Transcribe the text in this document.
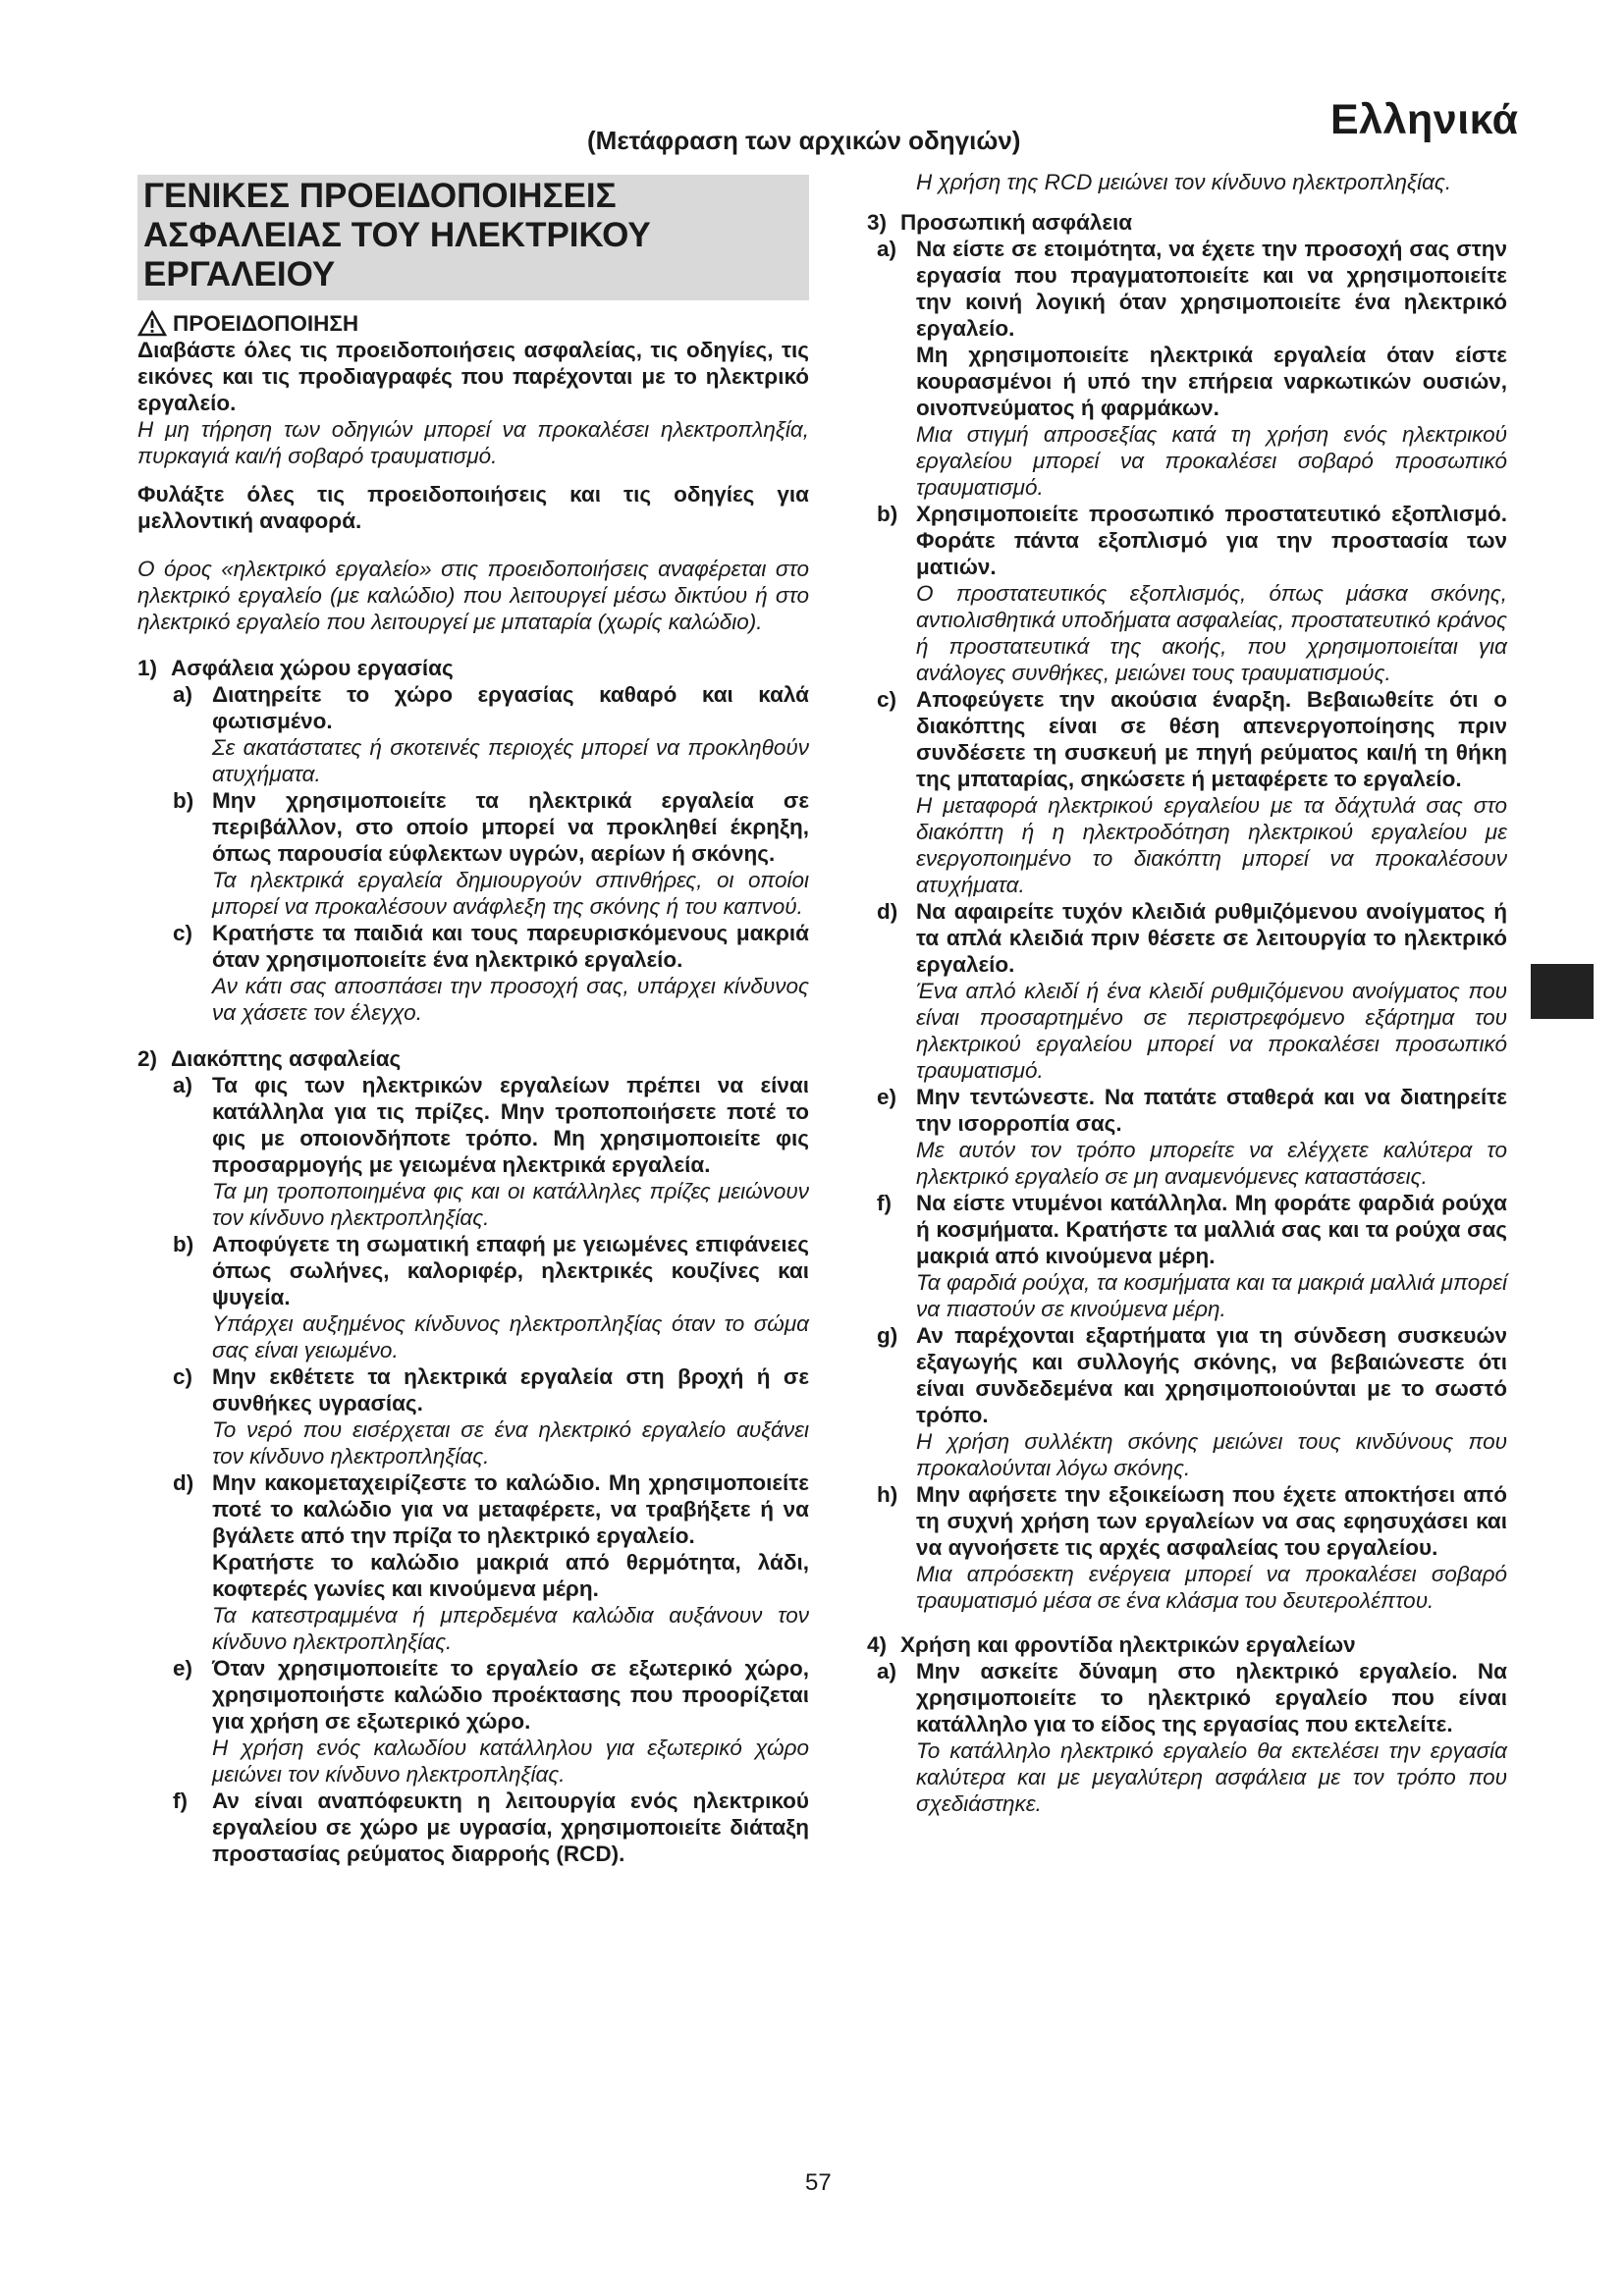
(Μετάφραση των αρχικών οδηγιών)	Ελληνικά
57
ΓΕΝΙΚΕΣ ΠΡΟΕΙΔΟΠΟΙΗΣΕΙΣ
ΑΣΦΑΛΕΙΑΣ ΤΟΥ ΗΛΕΚΤΡΙΚΟΥ
ΕΡΓΑΛΕΙΟΥ
ΠΡΟΕΙΔΟΠΟΙΗΣΗ
Διαβάστε όλες τις προειδοποιήσεις ασφαλείας, τις οδηγίες, τις εικόνες και τις προδιαγραφές που παρέχονται με το ηλεκτρικό εργαλείο.
Η μη τήρηση των οδηγιών μπορεί να προκαλέσει ηλεκτροπληξία, πυρκαγιά και/ή σοβαρό τραυματισμό.
Φυλάξτε όλες τις προειδοποιήσεις και τις οδηγίες για μελλοντική αναφορά.
Ο όρος «ηλεκτρικό εργαλείο» στις προειδοποιήσεις αναφέρεται στο ηλεκτρικό εργαλείο (με καλώδιο) που λειτουργεί μέσω δικτύου ή στο ηλεκτρικό εργαλείο που λειτουργεί με μπαταρία (χωρίς καλώδιο).
1) Ασφάλεια χώρου εργασίας
a) Διατηρείτε το χώρο εργασίας καθαρό και καλά φωτισμένο.
Σε ακατάστατες ή σκοτεινές περιοχές μπορεί να προκληθούν ατυχήματα.
b) Μην χρησιμοποιείτε τα ηλεκτρικά εργαλεία σε περιβάλλον, στο οποίο μπορεί να προκληθεί έκρηξη, όπως παρουσία εύφλεκτων υγρών, αερίων ή σκόνης.
Τα ηλεκτρικά εργαλεία δημιουργούν σπινθήρες, οι οποίοι μπορεί να προκαλέσουν ανάφλεξη της σκόνης ή του καπνού.
c) Κρατήστε τα παιδιά και τους παρευρισκόμενους μακριά όταν χρησιμοποιείτε ένα ηλεκτρικό εργαλείο.
Αν κάτι σας αποσπάσει την προσοχή σας, υπάρχει κίνδυνος να χάσετε τον έλεγχο.
2) Διακόπτης ασφαλείας
a) Τα φις των ηλεκτρικών εργαλείων πρέπει να είναι κατάλληλα για τις πρίζες. Μην τροποποιήσετε ποτέ το φις με οποιονδήποτε τρόπο. Μη χρησιμοποιείτε φις προσαρμογής με γειωμένα ηλεκτρικά εργαλεία.
Τα μη τροποποιημένα φις και οι κατάλληλες πρίζες μειώνουν τον κίνδυνο ηλεκτροπληξίας.
b) Αποφύγετε τη σωματική επαφή με γειωμένες επιφάνειες όπως σωλήνες, καλοριφέρ, ηλεκτρικές κουζίνες και ψυγεία.
Υπάρχει αυξημένος κίνδυνος ηλεκτροπληξίας όταν το σώμα σας είναι γειωμένο.
c) Μην εκθέτετε τα ηλεκτρικά εργαλεία στη βροχή ή σε συνθήκες υγρασίας.
Το νερό που εισέρχεται σε ένα ηλεκτρικό εργαλείο αυξάνει τον κίνδυνο ηλεκτροπληξίας.
d) Μην κακομεταχειρίζεστε το καλώδιο. Μη χρησιμοποιείτε ποτέ το καλώδιο για να μεταφέρετε, να τραβήξετε ή να βγάλετε από την πρίζα το ηλεκτρικό εργαλείο.
Κρατήστε το καλώδιο μακριά από θερμότητα, λάδι, κοφτερές γωνίες και κινούμενα μέρη.
Τα κατεστραμμένα ή μπερδεμένα καλώδια αυξάνουν τον κίνδυνο ηλεκτροπληξίας.
e) Όταν χρησιμοποιείτε το εργαλείο σε εξωτερικό χώρο, χρησιμοποιήστε καλώδιο προέκτασης που προορίζεται για χρήση σε εξωτερικό χώρο.
Η χρήση ενός καλωδίου κατάλληλου για εξωτερικό χώρο μειώνει τον κίνδυνο ηλεκτροπληξίας.
f)	Αν είναι αναπόφευκτη η λειτουργία ενός ηλεκτρικού εργαλείου σε χώρο με υγρασία, χρησιμοποιείτε διάταξη προστασίας ρεύματος διαρροής (RCD).
Η χρήση της RCD μειώνει τον κίνδυνο ηλεκτροπληξίας.
3) Προσωπική ασφάλεια
a) Να είστε σε ετοιμότητα, να έχετε την προσοχή σας στην εργασία που πραγματοποιείτε και να χρησιμοποιείτε την κοινή λογική όταν χρησιμοποιείτε ένα ηλεκτρικό εργαλείο.
Μη χρησιμοποιείτε ηλεκτρικά εργαλεία όταν είστε κουρασμένοι ή υπό την επήρεια ναρκωτικών ουσιών, οινοπνεύματος ή φαρμάκων.
Μια στιγμή απροσεξίας κατά τη χρήση ενός ηλεκτρικού εργαλείου μπορεί να προκαλέσει σοβαρό προσωπικό τραυματισμό.
b) Χρησιμοποιείτε προσωπικό προστατευτικό εξοπλισμό. Φοράτε πάντα εξοπλισμό για την προστασία των ματιών.
Ο προστατευτικός εξοπλισμός, όπως μάσκα σκόνης, αντιολισθητικά υποδήματα ασφαλείας, προστατευτικό κράνος ή προστατευτικά της ακοής, που χρησιμοποιείται για ανάλογες συνθήκες, μειώνει τους τραυματισμούς.
c) Αποφεύγετε την ακούσια έναρξη. Βεβαιωθείτε ότι ο διακόπτης είναι σε θέση απενεργοποίησης πριν συνδέσετε τη συσκευή με πηγή ρεύματος και/ή τη θήκη της μπαταρίας, σηκώσετε ή μεταφέρετε το εργαλείο.
Η μεταφορά ηλεκτρικού εργαλείου με τα δάχτυλά σας στο διακόπτη ή η ηλεκτροδότηση ηλεκτρικού εργαλείου με ενεργοποιημένο το διακόπτη μπορεί να προκαλέσουν ατυχήματα.
d) Να αφαιρείτε τυχόν κλειδιά ρυθμιζόμενου ανοίγματος ή τα απλά κλειδιά πριν θέσετε σε λειτουργία το ηλεκτρικό εργαλείο.
Ένα απλό κλειδί ή ένα κλειδί ρυθμιζόμενου ανοίγματος που είναι προσαρτημένο σε περιστρεφόμενο εξάρτημα του ηλεκτρικού εργαλείου μπορεί να προκαλέσει προσωπικό τραυματισμό.
e) Μην τεντώνεστε. Να πατάτε σταθερά και να διατηρείτε την ισορροπία σας.
Με αυτόν τον τρόπο μπορείτε να ελέγχετε καλύτερα το ηλεκτρικό εργαλείο σε μη αναμενόμενες καταστάσεις.
f)	Να είστε ντυμένοι κατάλληλα. Μη φοράτε φαρδιά ρούχα ή κοσμήματα. Κρατήστε τα μαλλιά σας και τα ρούχα σας μακριά από κινούμενα μέρη.
Τα φαρδιά ρούχα, τα κοσμήματα και τα μακριά μαλλιά μπορεί να πιαστούν σε κινούμενα μέρη.
g) Αν παρέχονται εξαρτήματα για τη σύνδεση συσκευών εξαγωγής και συλλογής σκόνης, να βεβαιώνεστε ότι είναι συνδεδεμένα και χρησιμοποιούνται με το σωστό τρόπο.
Η χρήση συλλέκτη σκόνης μειώνει τους κινδύνους που προκαλούνται λόγω σκόνης.
h) Μην αφήσετε την εξοικείωση που έχετε αποκτήσει από τη συχνή χρήση των εργαλείων να σας εφησυχάσει και να αγνοήσετε τις αρχές ασφαλείας του εργαλείου.
Μια απρόσεκτη ενέργεια μπορεί να προκαλέσει σοβαρό τραυματισμό μέσα σε ένα κλάσμα του δευτερολέπτου.
4) Χρήση και φροντίδα ηλεκτρικών εργαλείων
a) Μην ασκείτε δύναμη στο ηλεκτρικό εργαλείο. Να χρησιμοποιείτε το ηλεκτρικό εργαλείο που είναι κατάλληλο για το είδος της εργασίας που εκτελείτε.
Το κατάλληλο ηλεκτρικό εργαλείο θα εκτελέσει την εργασία καλύτερα και με μεγαλύτερη ασφάλεια με τον τρόπο που σχεδιάστηκε.
